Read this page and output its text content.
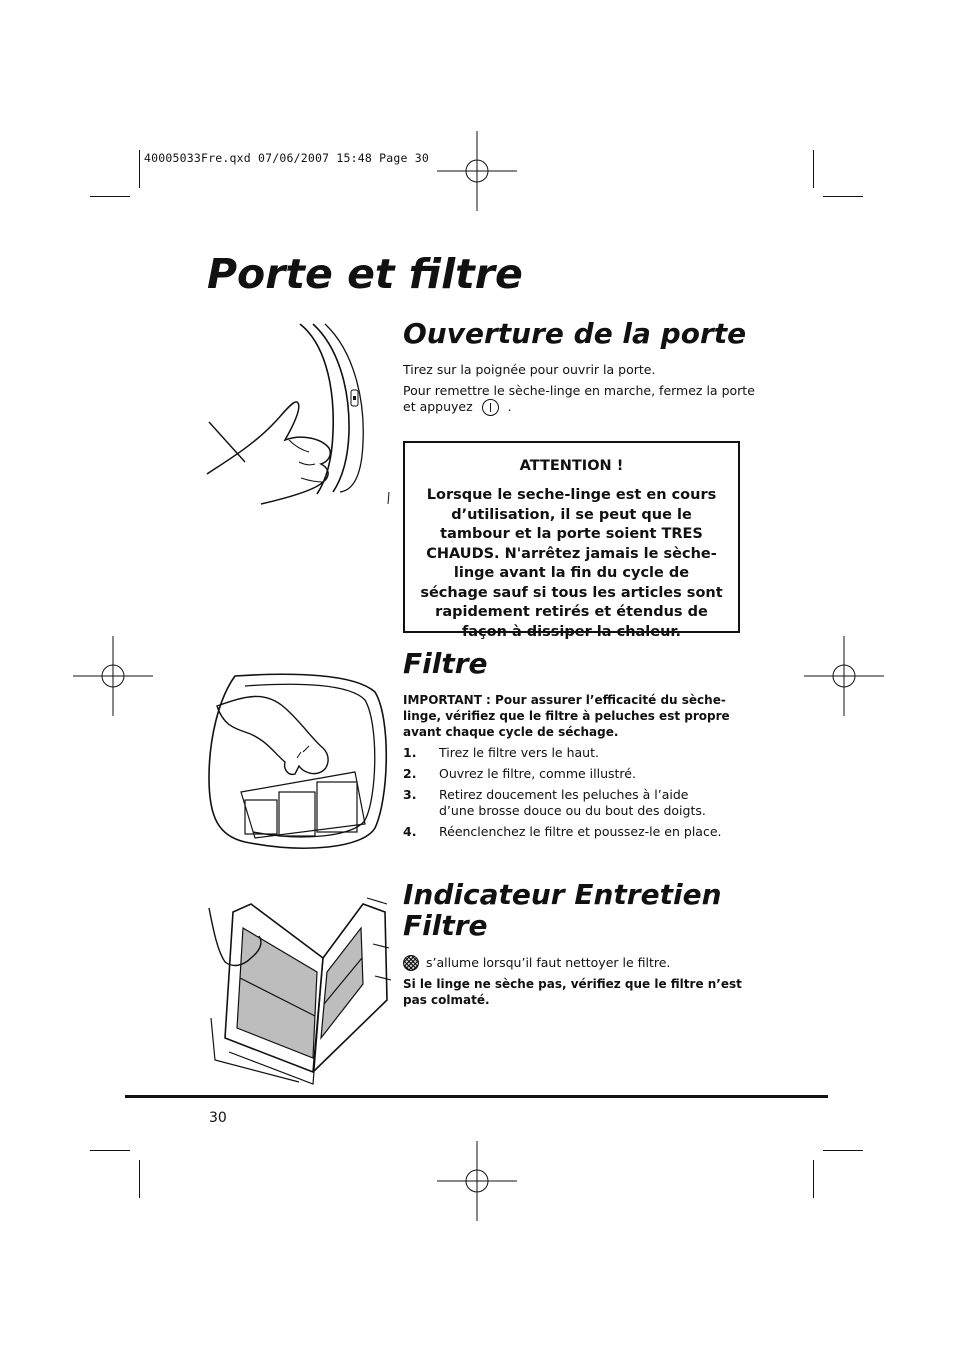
40005033Fre.qxd 07/06/2007 15:48 Page 30
Porte et filtre
Ouverture de la porte

Tirez sur la poignée pour ouvrir la porte.

Pour remettre le sèche-linge en marche, fermez la porte

et appuyez	.

ATTENTION !

Lorsque le seche-linge est en cours d’utilisation, il se peut que le tambour et la porte soient TRES CHAUDS. N'arrêtez jamais le sèche-linge avant la fin du cycle de séchage sauf si tous les articles sont rapidement retirés et étendus de façon à dissiper la chaleur.

Filtre

IMPORTANT : Pour assurer l’efficacité du sèche-linge, vérifiez que le filtre à peluches est propre avant chaque cycle de séchage.

1.	Tirez le filtre vers le haut.
2.	Ouvrez le filtre, comme illustré.
3.	Retirez doucement les peluches à l’aide d’une brosse douce ou du bout des doigts.
4.	Réenclenchez le filtre et poussez-le en place.
Indicateur Entretien
Filtre
s’allume lorsqu’il faut nettoyer le filtre.

Si le linge ne sèche pas, vérifiez que le filtre n’est pas colmaté.

30
